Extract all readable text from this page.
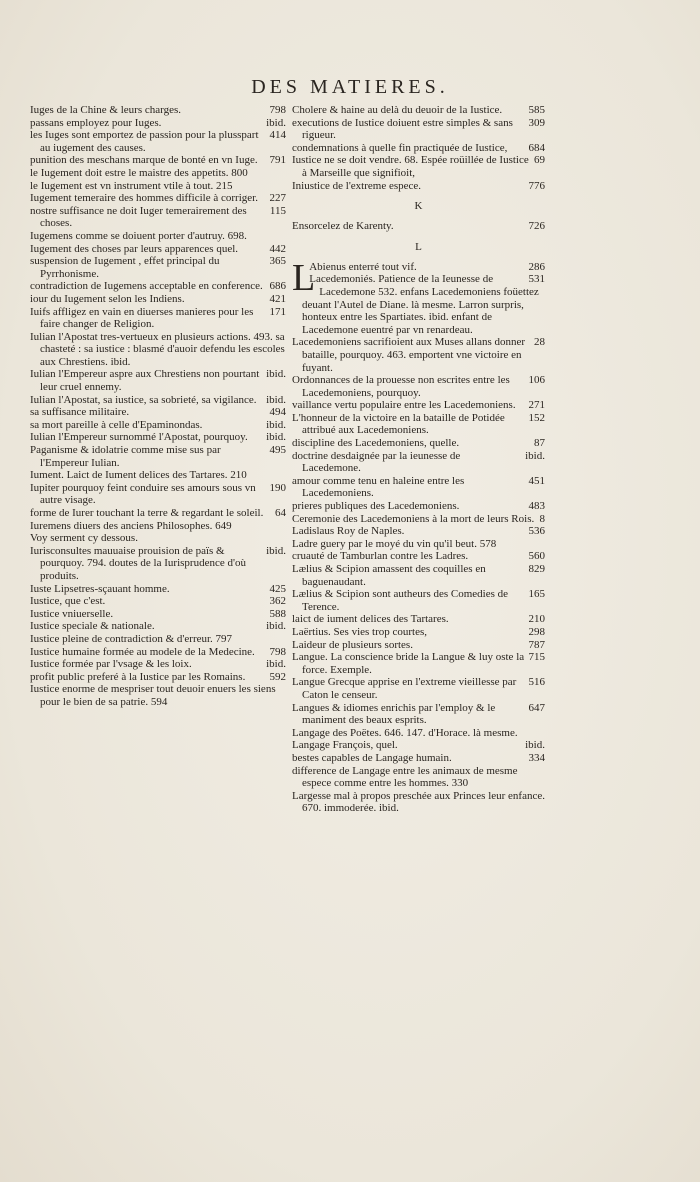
DES MATIERES.
798
Iuges de la Chine & leurs charges.
ibid.
passans employez pour Iuges.
414
les Iuges sont emportez de passion pour la plusspart au iugement des causes.
791
punition des meschans marque de bonté en vn Iuge.
le Iugement doit estre le maistre des appetits. 800
le Iugement est vn instrument vtile à tout. 215
227
Iugement temeraire des hommes difficile à corriger.
115
nostre suffisance ne doit Iuger temerairement des choses.
Iugemens comme se doiuent porter d'autruy. 698.
442
Iugement des choses par leurs apparences quel.
365
suspension de Iugement , effet principal du Pyrrhonisme.
686
contradiction de Iugemens acceptable en conference.
421
iour du Iugement selon les Indiens.
171
Iuifs affligez en vain en diuerses manieres pour les faire changer de Religion.
Iulian l'Apostat tres-vertueux en plusieurs actions. 493. sa chasteté : sa iustice : blasmé d'auoir defendu les escoles aux Chrestiens. ibid.
ibid.
Iulian l'Empereur aspre aux Chrestiens non pourtant leur cruel ennemy.
ibid.
Iulian l'Apostat, sa iustice, sa sobrieté, sa vigilance.
494
sa suffisance militaire.
ibid.
sa mort pareille à celle d'Epaminondas.
ibid.
Iulian l'Empereur surnommé l'Apostat, pourquoy.
495
Paganisme & idolatrie comme mise sus par l'Empereur Iulian.
Iument. Laict de Iument delices des Tartares. 210
190
Iupiter pourquoy feint conduire ses amours sous vn autre visage.
64
forme de Iurer touchant la terre & regardant le soleil.
Iuremens diuers des anciens Philosophes. 649
Voy serment cy dessous.
ibid.
Iurisconsultes mauuaise prouision de païs & pourquoy. 794. doutes de la Iurisprudence d'où produits.
425
Iuste Lipsetres-sçauant homme.
362
Iustice, que c'est.
588
Iustice vniuerselle.
ibid.
Iustice speciale & nationale.
Iustice pleine de contradiction & d'erreur. 797
798
Iustice humaine formée au modele de la Medecine.
ibid.
Iustice formée par l'vsage & les loix.
592
profit public preferé à la Iustice par les Romains.
Iustice enorme de mespriser tout deuoir enuers les siens pour le bien de sa patrie. 594
585
Cholere & haine au delà du deuoir de la Iustice.
309
executions de Iustice doiuent estre simples & sans rigueur.
684
condemnations à quelle fin practiquée de Iustice,
69
Iustice ne se doit vendre. 68. Espée roüillée de Iustice à Marseille que signifioit,
776
Iniustice de l'extreme espece.
K
726
Ensorcelez de Karenty.
L
L	286
Abienus enterré tout vif.
531
Lacedemoniés. Patience de la Ieunesse de Lacedemone 532. enfans Lacedemoniens foüettez deuant l'Autel de Diane. là mesme. Larron surpris, honteux entre les Spartiates. ibid. enfant de Lacedemone euentré par vn renardeau.
28
Lacedemoniens sacrifioient aux Muses allans donner bataille, pourquoy. 463. emportent vne victoire en fuyant.
106
Ordonnances de la prouesse non escrites entre les Lacedemoniens, pourquoy.
271
vaillance vertu populaire entre les Lacedemoniens.
152
L'honneur de la victoire en la bataille de Potidée attribué aux Lacedemoniens.
87
discipline des Lacedemoniens, quelle.
ibid.
doctrine desdaignée par la ieunesse de Lacedemone.
451
amour comme tenu en haleine entre les Lacedemoniens.
483
prieres publiques des Lacedemoniens.
8
Ceremonie des Lacedemoniens à la mort de leurs Rois.
536
Ladislaus Roy de Naples.
Ladre guery par le moyé du vin qu'il beut. 578
560
cruauté de Tamburlan contre les Ladres.
829
Lælius & Scipion amassent des coquilles en baguenaudant.
165
Lælius & Scipion sont autheurs des Comedies de Terence.
210
laict de iument delices des Tartares.
298
Laërtius. Ses vies trop courtes,
787
Laideur de plusieurs sortes.
715
Langue. La conscience bride la Langue & luy oste la force. Exemple.
516
Langue Grecque apprise en l'extreme vieillesse par Caton le censeur.
647
Langues & idiomes enrichis par l'employ & le maniment des beaux esprits.
Langage des Poëtes. 646. 147. d'Horace. là mesme.
ibid.
Langage François, quel.
334
bestes capables de Langage humain.
difference de Langage entre les animaux de mesme espece comme entre les hommes. 330
Largesse mal à propos preschée aux Princes leur enfance. 670. immoderée. ibid.
